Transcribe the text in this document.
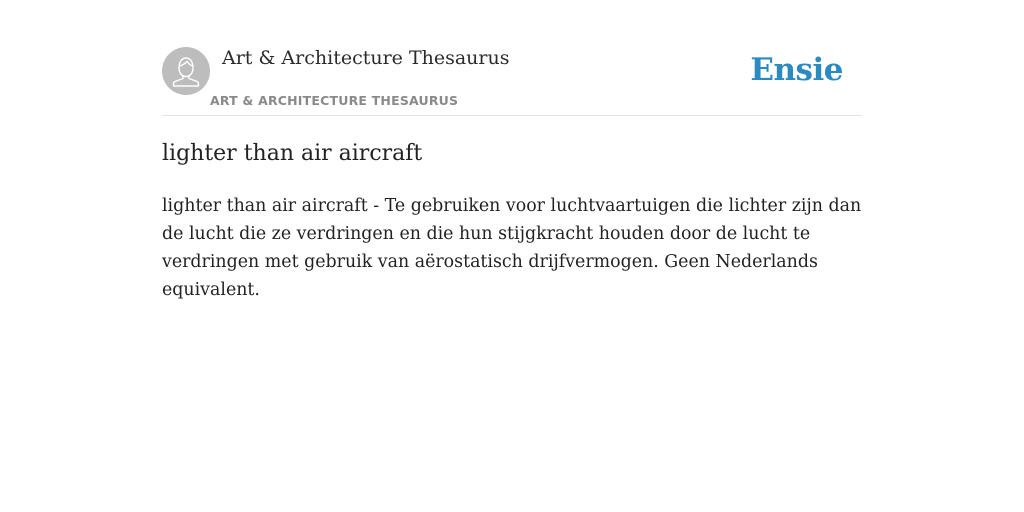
Art & Architecture Thesaurus
ART & ARCHITECTURE THESAURUS
Ensie
lighter than air aircraft

lighter than air aircraft - Te gebruiken voor luchtvaartuigen die lichter zijn dan de lucht die ze verdringen en die hun stijgkracht houden door de lucht te verdringen met gebruik van aërostatisch drijfvermogen. Geen Nederlands equivalent.
